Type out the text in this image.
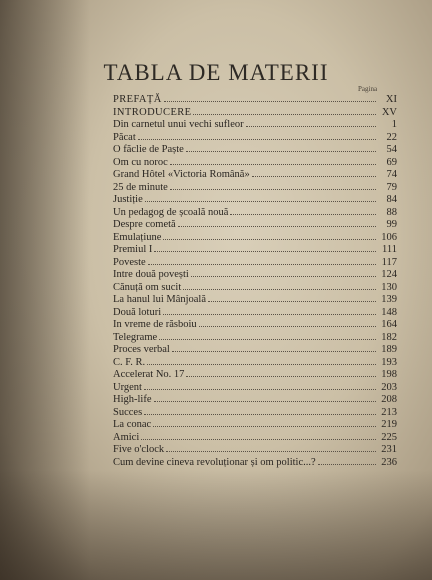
TABLA DE MATERII
Pagina
PREFAȚĂ	XI
INTRODUCERE	XV
Din carnetul unui vechi sufleor	1
Păcat	22
O făclie de Paște	54
Om cu noroc	69
Grand Hôtel «Victoria Română»	74
25 de minute	79
Justiție	84
Un pedagog de școală nouă	88
Despre cometă	99
Emulațiune	106
Premiul I	111
Poveste	117
Intre două povești	124
Cănuță om sucit	130
La hanul lui Mânjoală	139
Două loturi	148
In vreme de răsboiu	164
Telegrame	182
Proces verbal	189
C. F. R.	193
Accelerat No. 17	198
Urgent	203
High-life	208
Succes	213
La conac	219
Amici	225
Five o'clock	231
Cum devine cineva revoluționar și om politic...?	236
